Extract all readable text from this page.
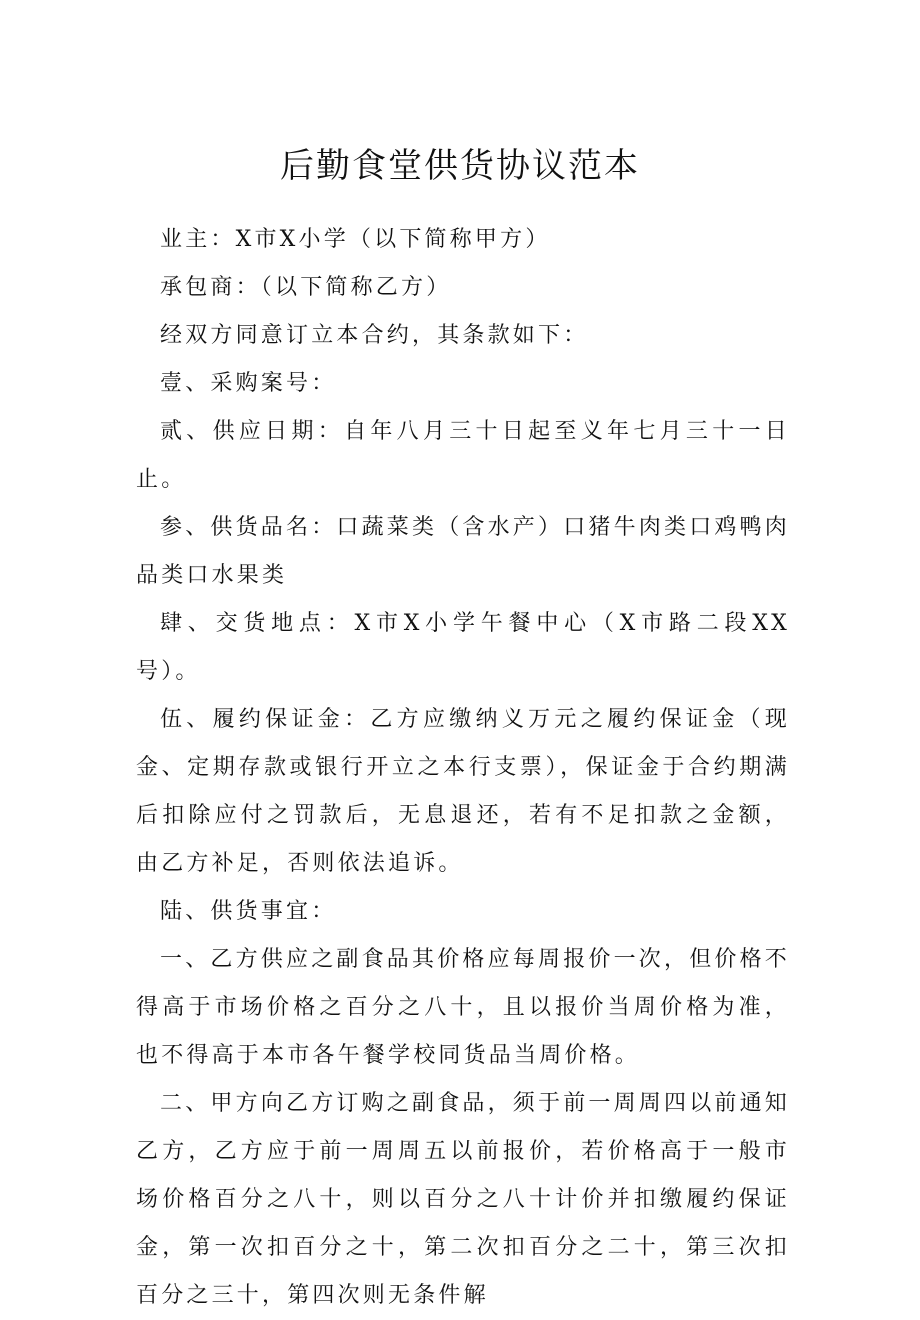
后勤食堂供货协议范本

业主：X市X小学（以下简称甲方）

承包商：（以下简称乙方）

经双方同意订立本合约，其条款如下：

壹、采购案号：

贰、供应日期：自年八月三十日起至义年七月三十一日止。

参、供货品名：口蔬菜类（含水产）口猪牛肉类口鸡鸭肉品类口水果类

肆、交货地点：X市X小学午餐中心（X市路二段XX号）。

伍、履约保证金：乙方应缴纳义万元之履约保证金（现金、定期存款或银行开立之本行支票），保证金于合约期满后扣除应付之罚款后，无息退还，若有不足扣款之金额，由乙方补足，否则依法追诉。

陆、供货事宜：

一、乙方供应之副食品其价格应每周报价一次，但价格不得高于市场价格之百分之八十，且以报价当周价格为准，也不得高于本市各午餐学校同货品当周价格。

二、甲方向乙方订购之副食品，须于前一周周四以前通知乙方，乙方应于前一周周五以前报价，若价格高于一般市场价格百分之八十，则以百分之八十计价并扣缴履约保证金，第一次扣百分之十，第二次扣百分之二十，第三次扣百分之三十，第四次则无条件解
